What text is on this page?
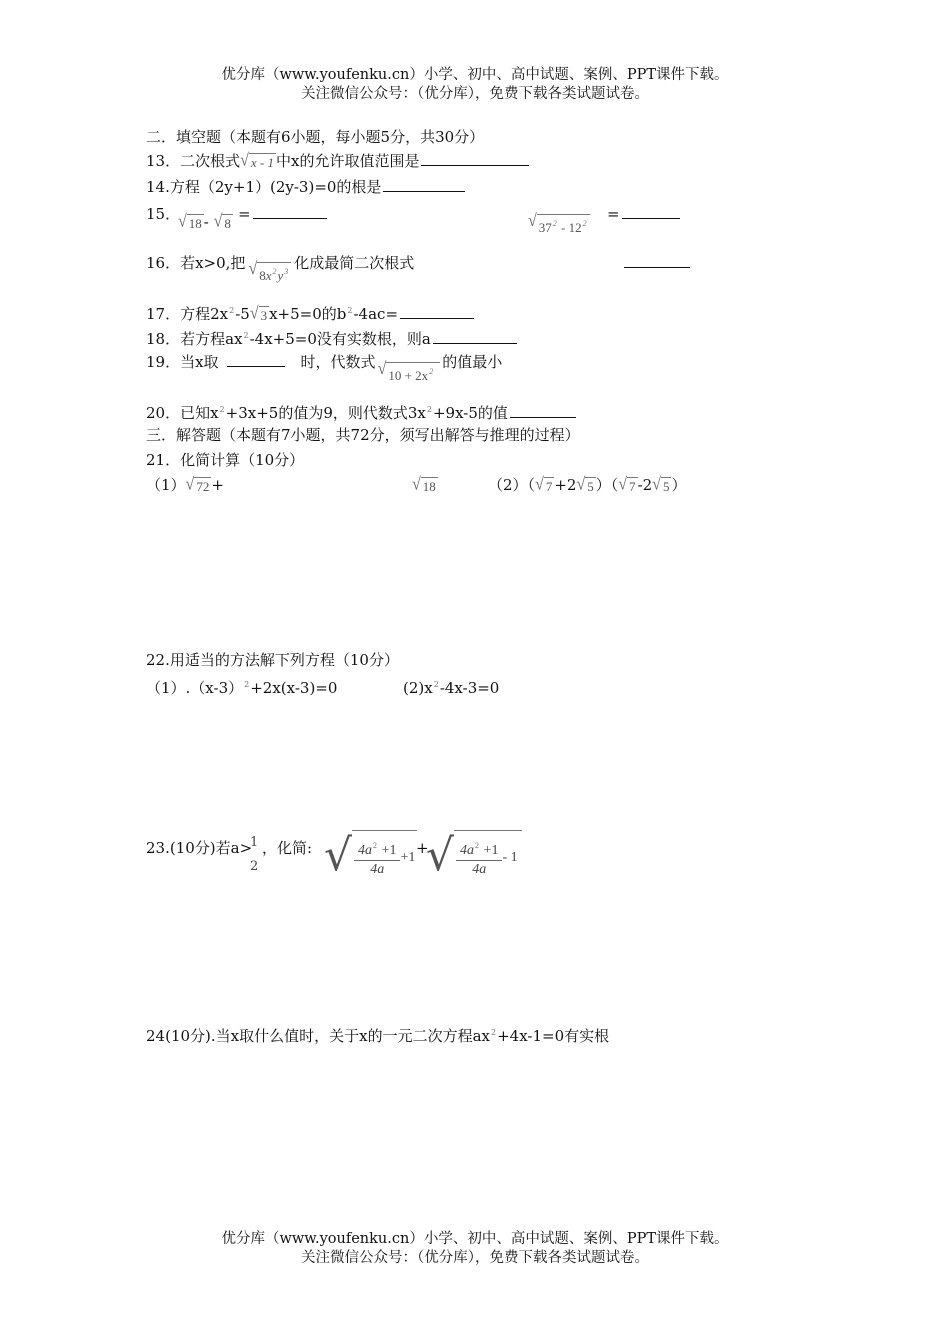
优分库（www.youfenku.cn）小学、初中、高中试题、案例、PPT课件下载。
关注微信公众号：（优分库），免费下载各类试题试卷。
二．填空题（本题有6小题，每小题5分，共30分）
13．二次根式 √ x - 1 中x的允许取值范围是
14.方程（2y+1）(2y-3)=0的根是
15．
√ 18 - √ 8
=	√ $37^2 - 12^2$
=
16．若x>0,把 √ $8x^2y^3$ 化成最简二次根式
17．方程$2x^2-5$ √ 3 x+5=0的$b^2-4ac=$
18．若方程$ax^2-4x+5=0$没有实数根，则a
19．当x取	时，代数式 √ $10 + 2x^2$
的值最小
20．已知$x^2+3x+5$的值为9，则代数式$3x^2+9x-5$的值
三．解答题（本题有7小题，共72分，须写出解答与推理的过程）
21．化简计算（10分）
（1） √ 72 +	√ 18	（2）（ √ 7 +2 √ 5 ）（ √ 7 -2 √ 5 ）
22.用适当的方法解下列方程（10分）
$(1).(x-3)^2+2x(x-3)=0$	$(2)x^2-4x-3=0$
23.(10分)若a>
1
2
，化简: √ $\frac{4a^2 +1}{4a} +1$ +
√ $\frac{4a^2 +1}{4a} - 1$
24(10分).当x取什么值时，关于x的一元二次方程$ax^2+4x-1=0$有实根
优分库（www.youfenku.cn）小学、初中、高中试题、案例、PPT课件下载。
关注微信公众号：（优分库），免费下载各类试题试卷。
